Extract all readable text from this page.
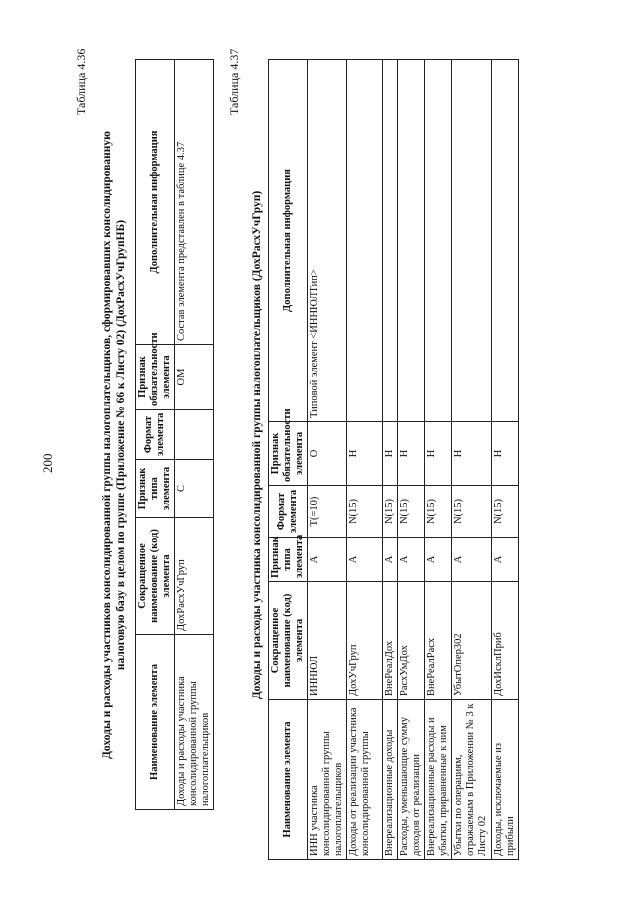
200
Таблица 4.36
Доходы и расходы участников консолидированной группы налогоплательщиков, сформировавших консолидированную налоговую базу в целом по группе (Приложение № 66 к Листу 02) (ДохРасхУчГрупНБ)
Наименование элемента	Сокращенное наименование (код) элемента	Признак типа элемента	Формат элемента	Признак обязательности элемента	Дополнительная информация
Доходы и расходы участника консолидированной группы налогоплательщиков	ДохРасхУчГруп	С		ОМ	Состав элемента представлен в таблице 4.37
Таблица 4.37
Доходы и расходы участника консолидированной группы налогоплательщиков (ДохРасхУчГруп)
Наименование элемента	Сокращенное наименование (код) элемента	Признак типа элемента	Формат элемента	Признак обязательности элемента	Дополнительная информация
ИНН участника консолидированной группы налогоплательщиков	ИННЮЛ	А	T(=10)	О	Типовой элемент <ИННЮЛТип>
Доходы от реализации участника консолидированной группы	ДохУчГруп	А	N(15)	Н	
Внереализационные доходы	ВнеРеалДох	А	N(15)	Н	
Расходы, уменьшающие сумму доходов от реализации	РасхУмДох	А	N(15)	Н	
Внереализационные расходы и убытки, приравненные к ним	ВнеРеалРасх	А	N(15)	Н	
Убытки по операциям, отражаемым в Приложении № 3 к Листу 02	УбытОпер302	А	N(15)	Н	
Доходы, исключаемые из прибыли	ДохИсклПриб	А	N(15)	Н	
